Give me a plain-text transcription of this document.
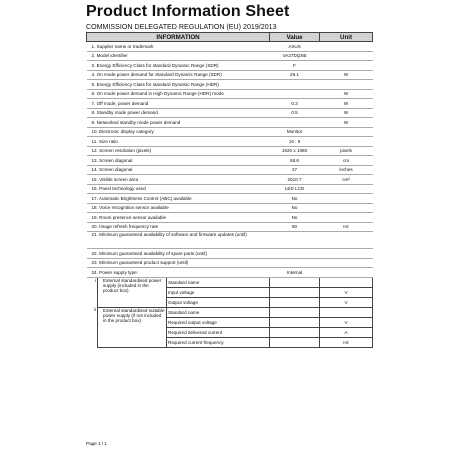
Product Information Sheet
COMMISSION DELEGATED REGULATION (EU) 2019/2013
INFORMATION			Value	Unit
1. Supplier name or trademark			ASUS	
2. Model identifier			VA27DQSB	
3. Energy Efficiency Class for standard Dynamic Range (SDR)			F	
4. On mode power demand for Standard Dynamic Range (SDR)			26.1	W
5. Energy Efficiency Class for standard Dynamic Range (HDR)				
6. On mode power demand in High Dynamic Range (HDR) mode				W
7. Off mode, power demand			0.3	W
8. Standby mode power demand			0.5	W
9. Networked standby mode power demand				W
10. Electronic display category			Monitor	
11. Size ratio			16 : 9	
12. Screen resolution (pixels)			1920 x 1080	pixels
13. Screen diagonal			68.6	cm
14. Screen diagonal			27	inches
15. Visible screen area			2010.7	cm²
16. Panel technology used			LED LCD	
17. Automatic Brightness Control (ABC) available			No	
18. Voice recognition sensor available			No	
19. Room presence sensor available			No	
20. Image refresh frequency rate			60	Hz
21. Minimum guaranteed availability of software and firmware updates (until)				
22. Minimum guaranteed availability of spare parts (until)				
23. Minimum guaranteed product support (until)				
24. Power supply type:			Internal	
i	External standardised power supply (included in the product box)	Standard name		
		Input voltage		V
		Output voltage		V
ii	External standardised suitable power supply (if not included in the product box)	Standard name		
		Required output voltage		V
		Required delivered current		A
		Required current frequency		Hz
Page 1 / 1
